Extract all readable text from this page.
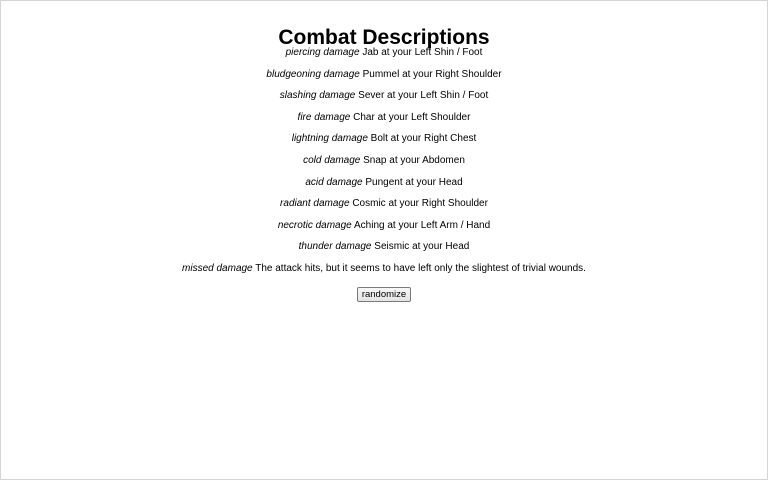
Combat Descriptions
piercing damage Jab at your Left Shin / Foot
bludgeoning damage Pummel at your Right Shoulder
slashing damage Sever at your Left Shin / Foot
fire damage Char at your Left Shoulder
lightning damage Bolt at your Right Chest
cold damage Snap at your Abdomen
acid damage Pungent at your Head
radiant damage Cosmic at your Right Shoulder
necrotic damage Aching at your Left Arm / Hand
thunder damage Seismic at your Head
missed damage The attack hits, but it seems to have left only the slightest of trivial wounds.
randomize
